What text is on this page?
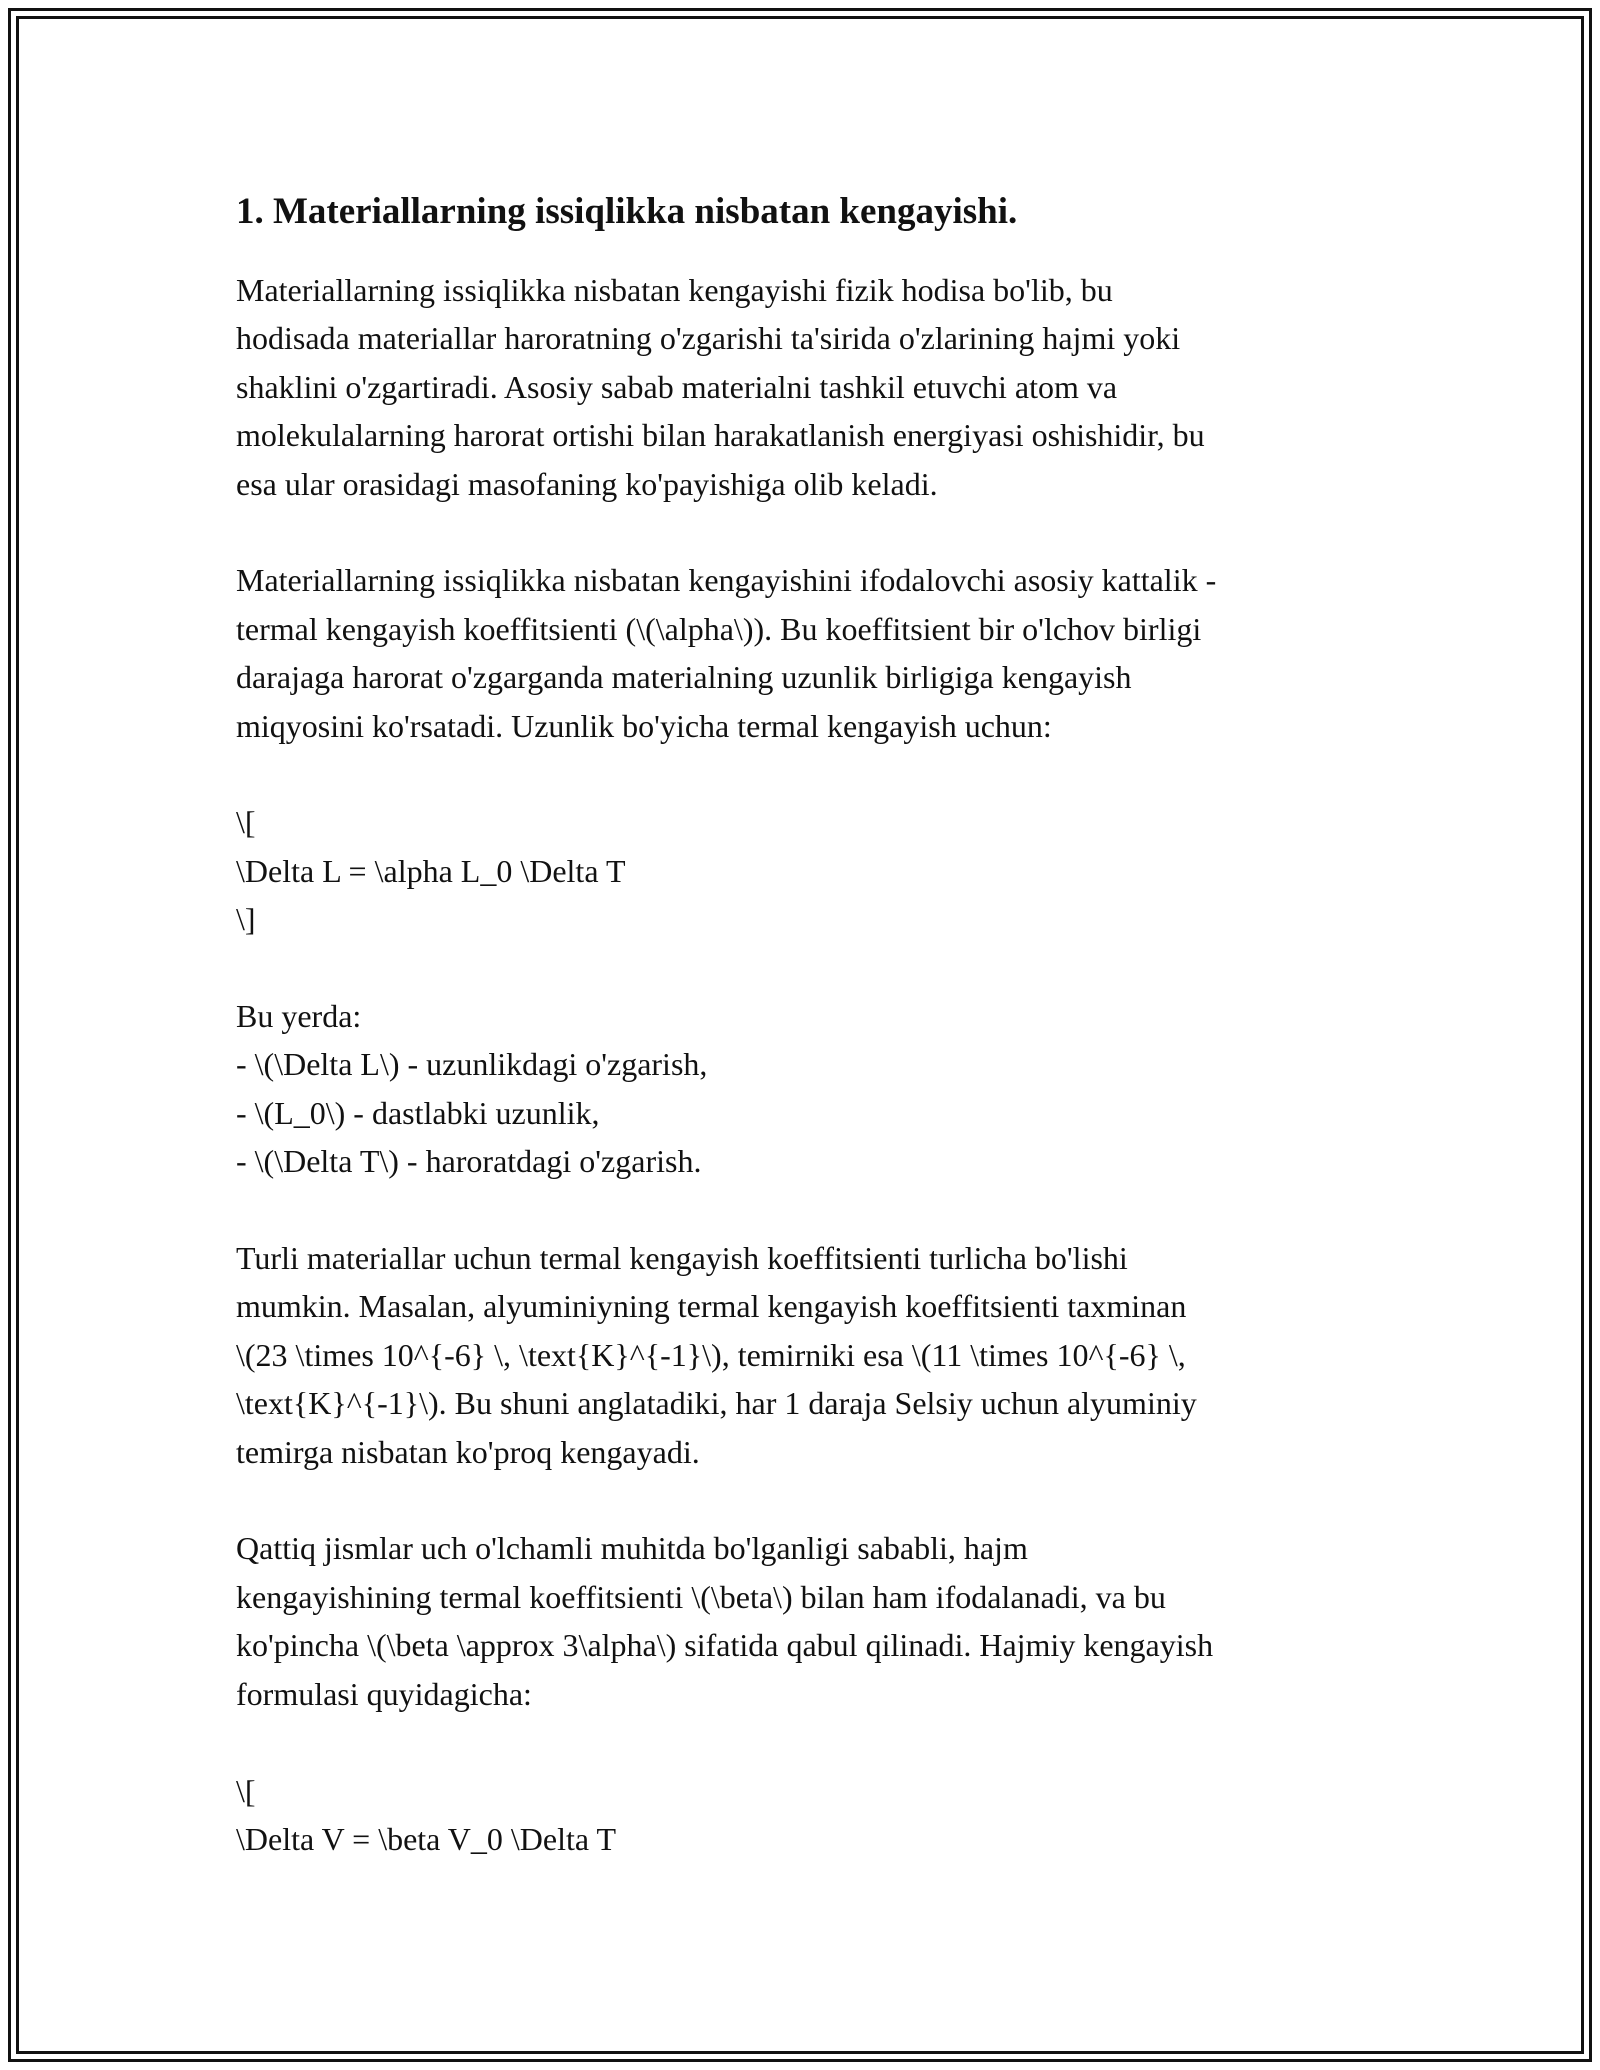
1. Materiallarning issiqlikka nisbatan kengayishi.
Materiallarning issiqlikka nisbatan kengayishi fizik hodisa bo'lib, bu
hodisada materiallar haroratning o'zgarishi ta'sirida o'zlarining hajmi yoki
shaklini o'zgartiradi. Asosiy sabab materialni tashkil etuvchi atom va
molekulalarning harorat ortishi bilan harakatlanish energiyasi oshishidir, bu
esa ular orasidagi masofaning ko'payishiga olib keladi.
Materiallarning issiqlikka nisbatan kengayishini ifodalovchi asosiy kattalik -
termal kengayish koeffitsienti (\(\alpha\)). Bu koeffitsient bir o'lchov birligi
darajaga harorat o'zgarganda materialning uzunlik birligiga kengayish
miqyosini ko'rsatadi. Uzunlik bo'yicha termal kengayish uchun:
\[
\Delta L = \alpha L_0 \Delta T
\]
Bu yerda:
- \(\Delta L\) - uzunlikdagi o'zgarish,
- \(L_0\) - dastlabki uzunlik,
- \(\Delta T\) - haroratdagi o'zgarish.
Turli materiallar uchun termal kengayish koeffitsienti turlicha bo'lishi
mumkin. Masalan, alyuminiyning termal kengayish koeffitsienti taxminan
\(23 \times 10^{-6} \, \text{K}^{-1}\), temirniki esa \(11 \times 10^{-6} \,
\text{K}^{-1}\). Bu shuni anglatadiki, har 1 daraja Selsiy uchun alyuminiy
temirga nisbatan ko'proq kengayadi.
Qattiq jismlar uch o'lchamli muhitda bo'lganligi sababli, hajm
kengayishining termal koeffitsienti \(\beta\) bilan ham ifodalanadi, va bu
ko'pincha \(\beta \approx 3\alpha\) sifatida qabul qilinadi. Hajmiy kengayish
formulasi quyidagicha:
\[
\Delta V = \beta V_0 \Delta T
